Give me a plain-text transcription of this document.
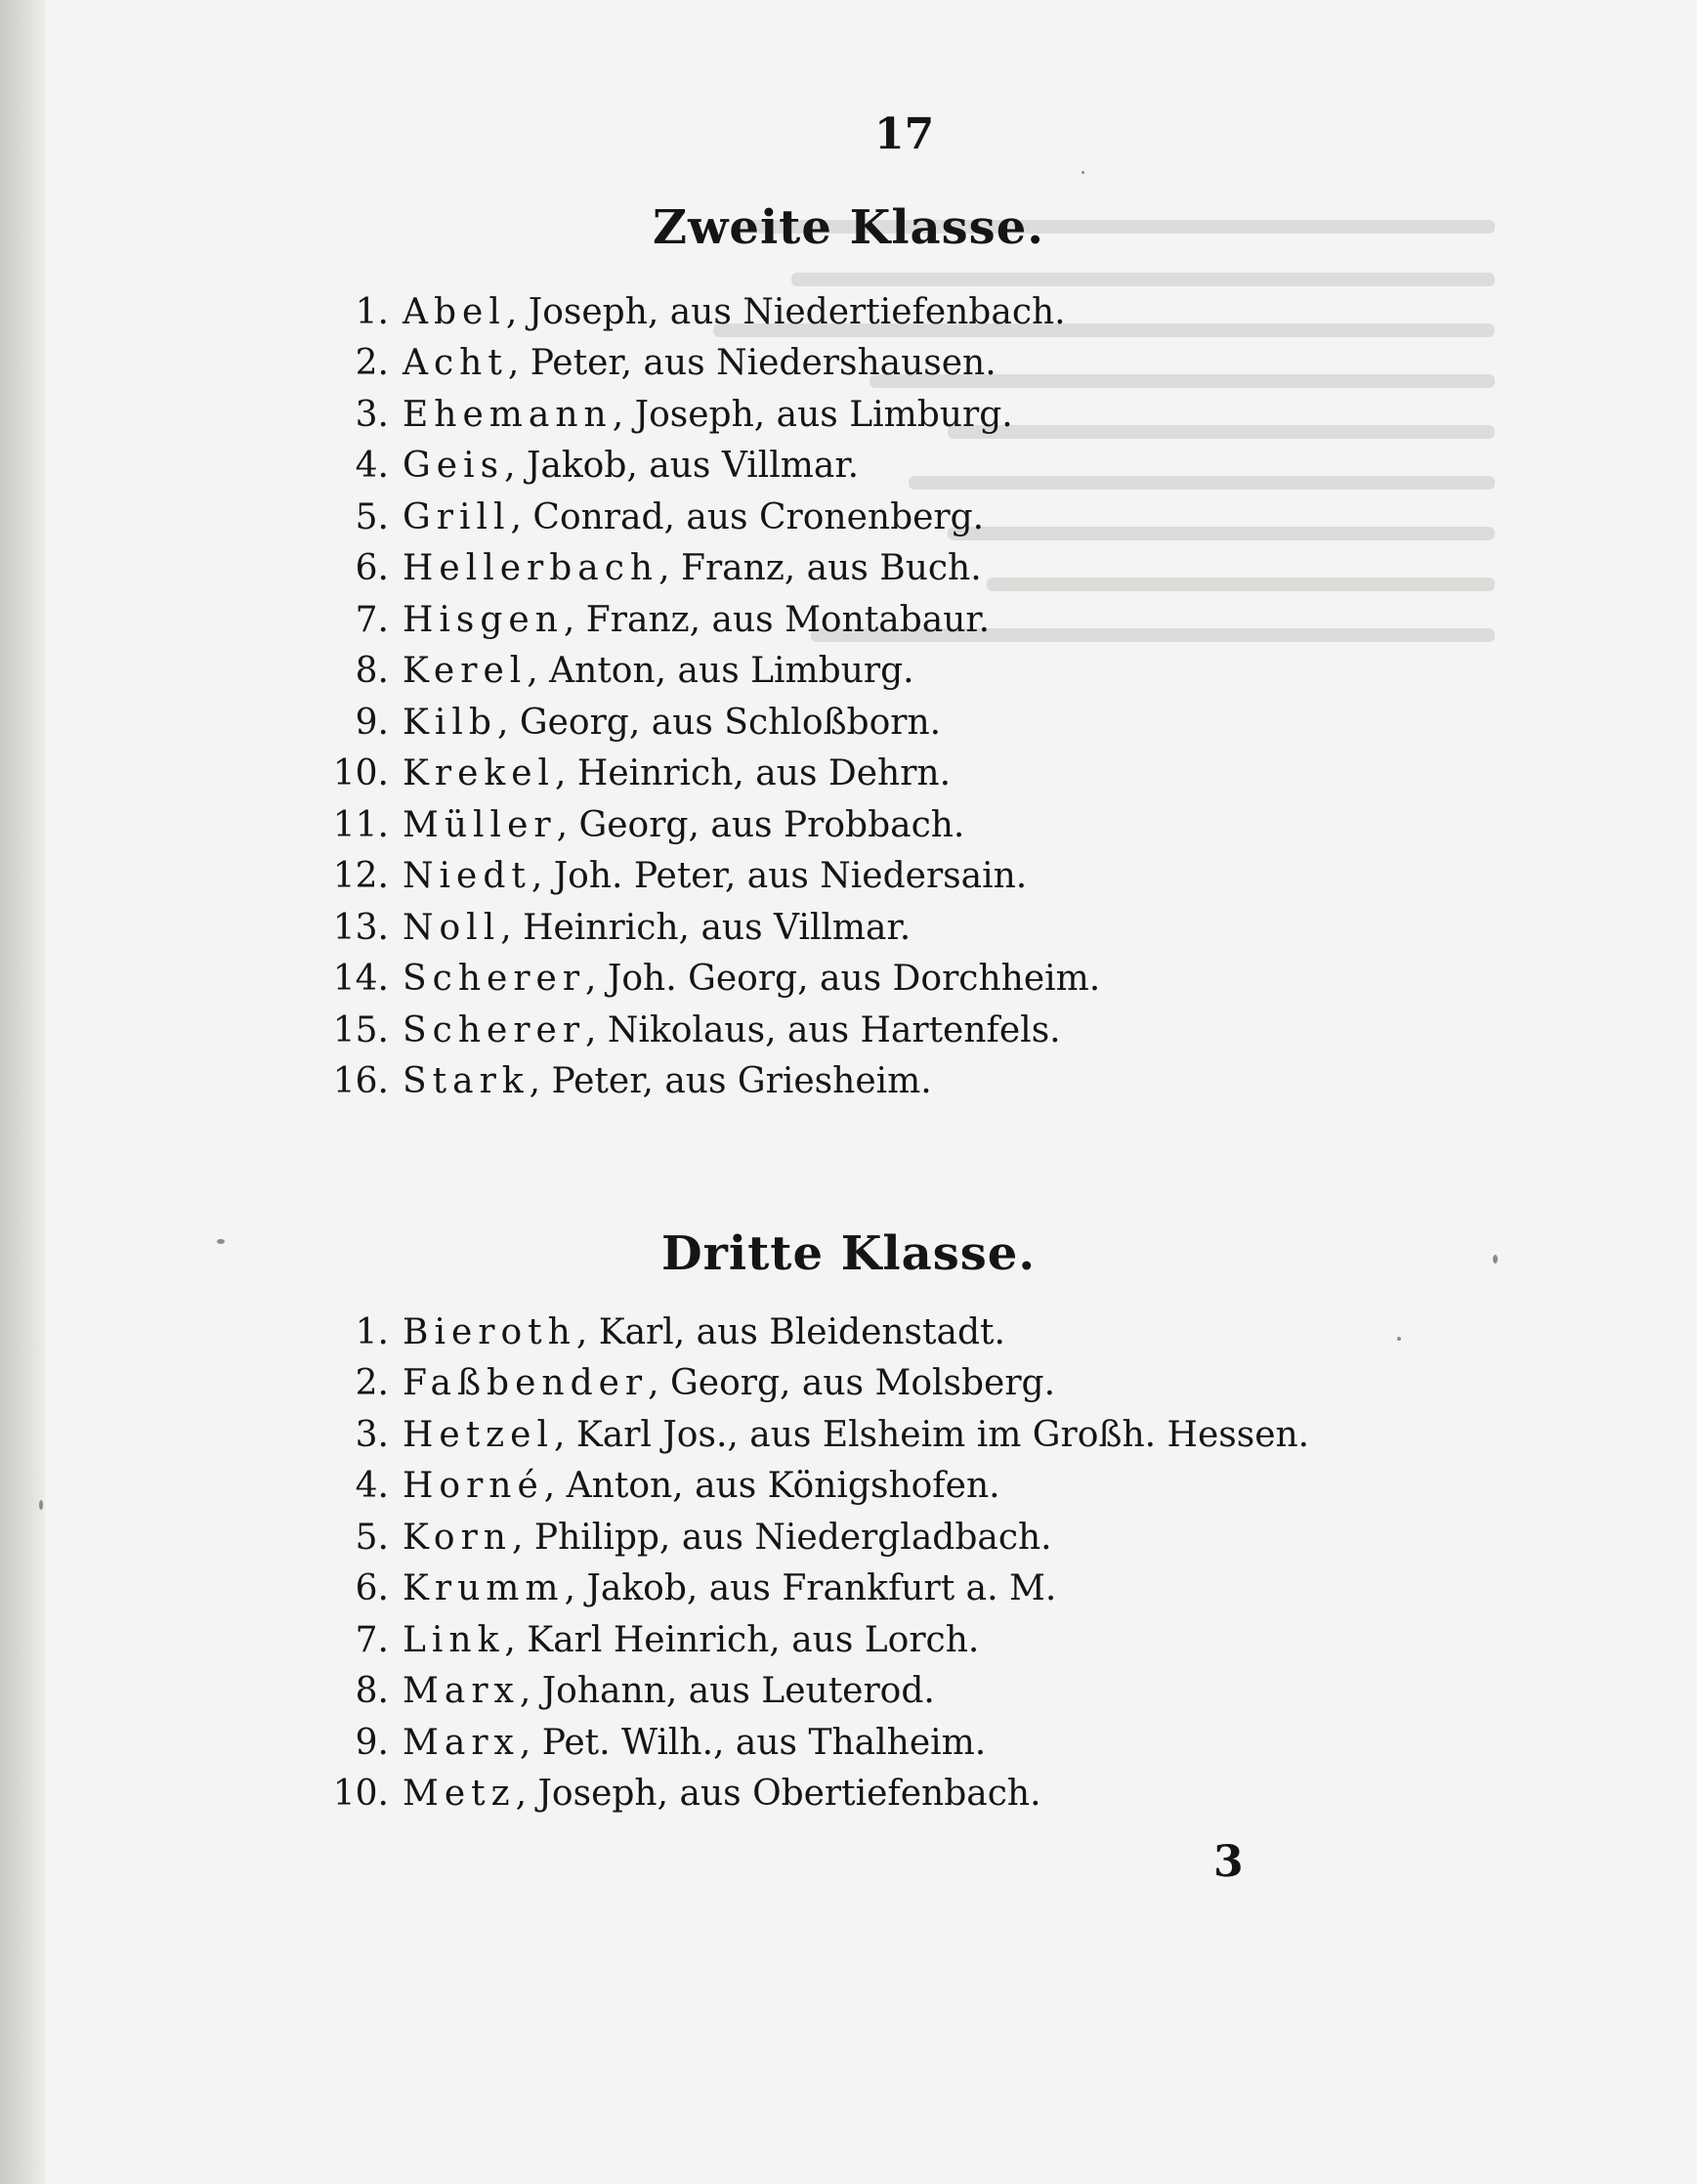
17
Zweite Klasse.
1. Abel , Joseph, aus Niedertiefenbach.
2. Acht , Peter, aus Niedershausen.
3. Ehemann , Joseph, aus Limburg.
4. Geis , Jakob, aus Villmar.
5. Grill , Conrad, aus Cronenberg.
6. Hellerbach , Franz, aus Buch.
7. Hisgen , Franz, aus Montabaur.
8. Kerel , Anton, aus Limburg.
9. Kilb , Georg, aus Schloßborn.
10. Krekel , Heinrich, aus Dehrn.
11. Müller , Georg, aus Probbach.
12. Niedt , Joh. Peter, aus Niedersain.
13. Noll , Heinrich, aus Villmar.
14. Scherer , Joh. Georg, aus Dorchheim.
15. Scherer , Nikolaus, aus Hartenfels.
16. Stark , Peter, aus Griesheim.
Dritte Klasse.
1. Bieroth , Karl, aus Bleidenstadt.
2. Faßbender , Georg, aus Molsberg.
3. Hetzel , Karl Jos., aus Elsheim im Großh. Hessen.
4. Horné , Anton, aus Königshofen.
5. Korn , Philipp, aus Niedergladbach.
6. Krumm , Jakob, aus Frankfurt a. M.
7. Link , Karl Heinrich, aus Lorch.
8. Marx , Johann, aus Leuterod.
9. Marx , Pet. Wilh., aus Thalheim.
10. Metz , Joseph, aus Obertiefenbach.
3
